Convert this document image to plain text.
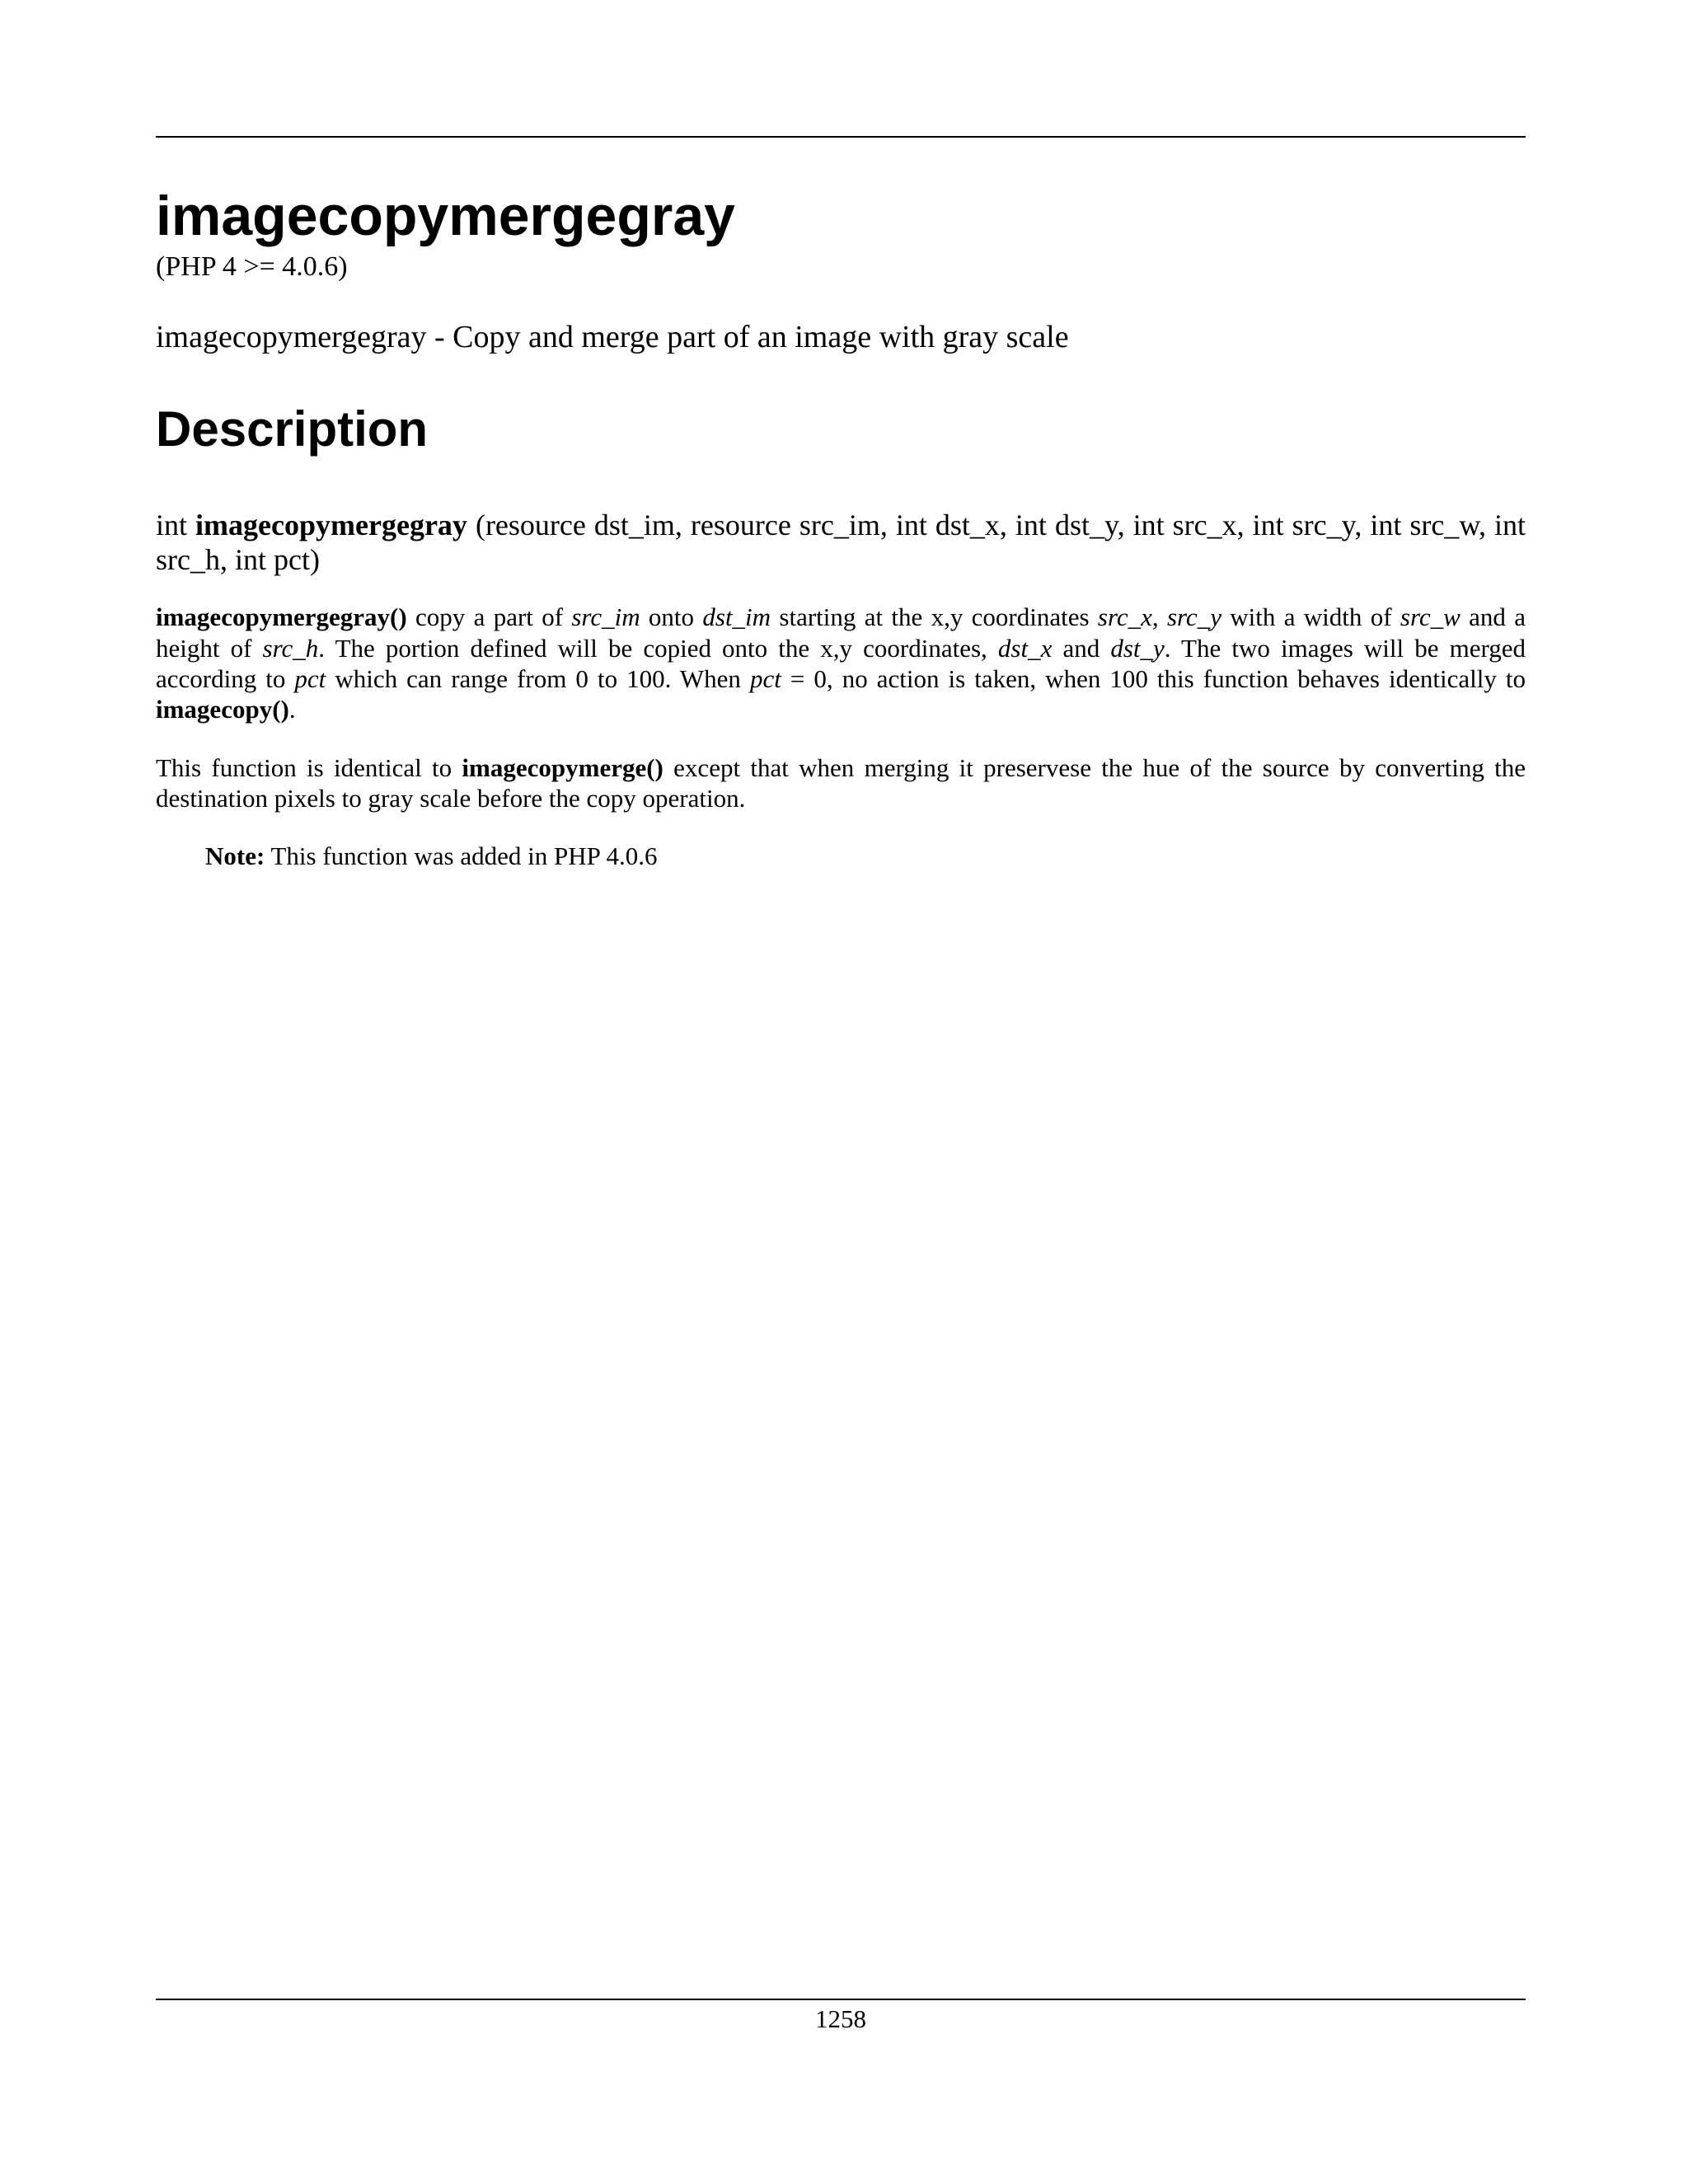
imagecopymergegray
(PHP 4 >= 4.0.6)
imagecopymergegray - Copy and merge part of an image with gray scale
Description
int imagecopymergegray (resource dst_im, resource src_im, int dst_x, int dst_y, int src_x, int src_y, int src_w, int src_h, int pct)

imagecopymergegray() copy a part of src_im onto dst_im starting at the x,y coordinates src_x, src_y with a width of src_w and a height of src_h. The portion defined will be copied onto the x,y coordinates, dst_x and dst_y. The two images will be merged according to pct which can range from 0 to 100. When pct = 0, no action is taken, when 100 this function behaves identically to imagecopy().

This function is identical to imagecopymerge() except that when merging it preservese the hue of the source by converting the destination pixels to gray scale before the copy operation.

Note: This function was added in PHP 4.0.6

1258
